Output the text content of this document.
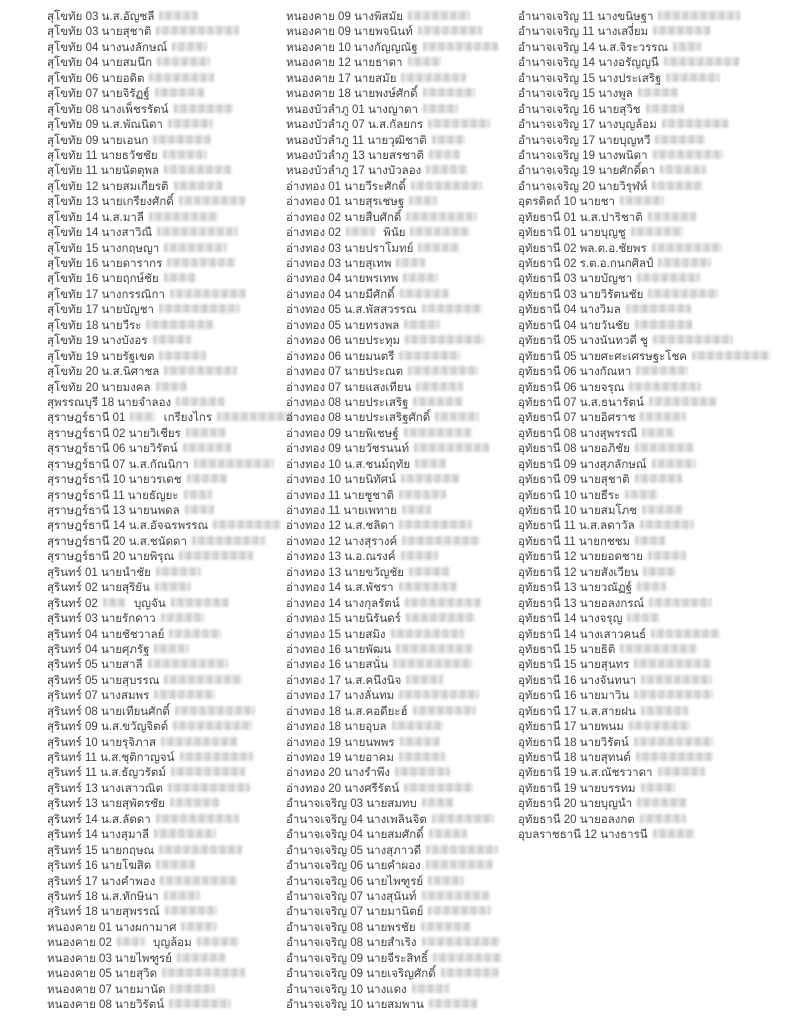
สุโขทัย 03 น.ส.อัญชลี
สุโขทัย 03 นายสุชาติ
สุโขทัย 04 นางนงลักษณ์
สุโขทัย 04 นายสมนึก
สุโขทัย 06 นายอดิต
สุโขทัย 07 นายจิรัฏฐ์
สุโขทัย 08 นางเพ็ชรรัตน์
สุโขทัย 09 น.ส.พัณนิดา
สุโขทัย 09 นายเอนก
สุโขทัย 11 นายธวัชชัย
สุโขทัย 11 นายนัตตุพล
สุโขทัย 12 นายสมเกียรติ
สุโขทัย 13 นายเกรียงศักดิ์
สุโขทัย 14 น.ส.มาลี
สุโขทัย 14 นางสาวิณี
สุโขทัย 15 นางกฤษญา
สุโขทัย 16 นายดารากร
สุโขทัย 16 นายฤกษ์ชัย
สุโขทัย 17 นางกรรณิกา
สุโขทัย 17 นายบัญชา
สุโขทัย 18 นายวีระ
สุโขทัย 19 นางบังอร
สุโขทัย 19 นายรัฐเขต
สุโขทัย 20 น.ส.นิศาชล
สุโขทัย 20 นายมงคล
สุพรรณบุรี 18 นายจำลอง
สุราษฎร์ธานี 01	เกรียงไกร
สุราษฎร์ธานี 02 นายวิเชียร
สุราษฎร์ธานี 06 นายวิรัตน์
สุราษฎร์ธานี 07 น.ส.กัณนิกา
สุราษฎร์ธานี 10 นายวรเดช
สุราษฎร์ธานี 11 นายธัญยะ
สุราษฎร์ธานี 13 นายนพดล
สุราษฎร์ธานี 14 น.ส.อัจฉรพรรณ
สุราษฎร์ธานี 20 น.ส.ชนัดดา
สุราษฎร์ธานี 20 นายพิรุณ
สุรินทร์ 01 นายนำชัย
สุรินทร์ 02 นายสุริยัน
สุรินทร์ 02	บุญจัน
สุรินทร์ 03 นายรักดาว
สุรินทร์ 04 นายชัชวาลย์
สุรินทร์ 04 นายศุภรัฐ
สุรินทร์ 05 นายสาลี
สุรินทร์ 05 นายสุบรรณ
สุรินทร์ 07 นางสมพร
สุรินทร์ 08 นายเทียนศักดิ์
สุรินทร์ 09 น.ส.ขวัญจิตต์
สุรินทร์ 10 นายรุจิภาส
สุรินทร์ 11 น.ส.ชุติกาญจน์
สุรินทร์ 11 น.ส.ธัญวรัตม์
สุรินทร์ 13 นางเสาวณิต
สุรินทร์ 13 นายสุพัตรชัย
สุรินทร์ 14 น.ส.ลัดดา
สุรินทร์ 14 นางสุมาลี
สุรินทร์ 15 นายกฤษณ
สุรินทร์ 16 นายโฆสิต
สุรินทร์ 17 นางคำพอง
สุรินทร์ 18 น.ส.ทักษินา
สุรินทร์ 18 นายสุพรรณ์
หนองคาย 01 นางผกามาศ
หนองคาย 02	บุญล้อม
หนองคาย 03 นายไพฑูรย์
หนองคาย 05 นายสุวิด
หนองคาย 07 นายมานัด
หนองคาย 08 นายวิรัตน์
หนองคาย 09 นางพิสมัย
หนองคาย 09 นายพจนินท์
หนองคาย 10 นางกัญญณัฐ
หนองคาย 12 นายธาดา
หนองคาย 17 นายสมัย
หนองคาย 18 นายพงษ์ศักดิ์
หนองบัวลำภู 01 นางญาดา
หนองบัวลำภู 07 น.ส.กัลยกร
หนองบัวลำภู 11 นายวุฒิชาติ
หนองบัวลำภู 13 นายสรชาติ
หนองบัวลำภู 17 นางบัวลอง
อ่างทอง 01 นายวีระศักดิ์
อ่างทอง 01 นายสุรเชษฐ
อ่างทอง 02 นายสืบศักดิ์
อ่างทอง 02	พินัย
อ่างทอง 03 นายปราโมทย์
อ่างทอง 03 นายสุเทพ
อ่างทอง 04 นายพรเทพ
อ่างทอง 04 นายมีศักดิ์
อ่างทอง 05 น.ส.พัสสวรรณ
อ่างทอง 05 นายทรงพล
อ่างทอง 06 นายประทุม
อ่างทอง 06 นายมนตรี
อ่างทอง 07 นายประณต
อ่างทอง 07 นายแสงเทียน
อ่างทอง 08 นายประเสริฐ
อ่างทอง 08 นายประเสริฐศักดิ์
อ่างทอง 09 นายพิเชษฐ์
อ่างทอง 09 นายวัชรนนท์
อ่างทอง 10 น.ส.ชนม์ฤทัย
อ่างทอง 10 นายนิทัศน์
อ่างทอง 11 นายชูชาติ
อ่างทอง 11 นายเพทาย
อ่างทอง 12 น.ส.ชลิดา
อ่างทอง 12 นางสุรางค์
อ่างทอง 13 น.อ.ณรงค์
อ่างทอง 13 นายขวัญชัย
อ่างทอง 14 น.ส.พัชรา
อ่างทอง 14 นางกุลรัตน์
อ่างทอง 15 นายนิรันดร์
อ่างทอง 15 นายสมิง
อ่างทอง 16 นายพัฒน
อ่างทอง 16 นายสนั่น
อ่างทอง 17 น.ส.คนึงนิจ
อ่างทอง 17 นางลั่นทม
อ่างทอง 18 น.ส.คอดียะฮ์
อ่างทอง 18 นายอุบล
อ่างทอง 19 นายนพพร
อ่างทอง 19 นายอาคม
อ่างทอง 20 นางรำพึง
อ่างทอง 20 นางศรีรัตน์
อำนาจเจริญ 03 นายสมทบ
อำนาจเจริญ 04 นางเพลินจิต
อำนาจเจริญ 04 นายสมศักดิ์
อำนาจเจริญ 05 นางสุภาวดี
อำนาจเจริญ 06 นายคำผอง
อำนาจเจริญ 06 นายไพฑูรย์
อำนาจเจริญ 07 นางสุนันท์
อำนาจเจริญ 07 นายมานิตย์
อำนาจเจริญ 08 นายพรชัย
อำนาจเจริญ 08 นายสำเริง
อำนาจเจริญ 09 นายจีระสิทธิ์
อำนาจเจริญ 09 นายเจริญศักดิ์
อำนาจเจริญ 10 นางแดง
อำนาจเจริญ 10 นายสมพาน
อำนาจเจริญ 11 นางขนิษฐา
อำนาจเจริญ 11 นางเสงี่ยม
อำนาจเจริญ 14 น.ส.จิระวรรณ
อำนาจเจริญ 14 นางอรัญญนี
อำนาจเจริญ 15 นางประเสริฐ
อำนาจเจริญ 15 นางพูล
อำนาจเจริญ 16 นายสุวิช
อำนาจเจริญ 17 นางบุญล้อม
อำนาจเจริญ 17 นายบุญหวี
อำนาจเจริญ 19 นางพนิดา
อำนาจเจริญ 19 นายศักดิ์ดา
อำนาจเจริญ 20 นายวิรุฬห์
อุตรดิตถ์ 10 นายชา
อุทัยธานี 01 น.ส.ปาริชาติ
อุทัยธานี 01 นายบุญชู
อุทัยธานี 02 พล.ต.อ.ชัยพร
อุทัยธานี 02 ร.ต.อ.กนกศิลป์
อุทัยธานี 03 นายบัญชา
อุทัยธานี 03 นายวิรัตนชัย
อุทัยธานี 04 นางวิมล
อุทัยธานี 04 นายวันชัย
อุทัยธานี 05 นางนันทวดี ชู
อุทัยธานี 05 นายศะศะเศรษฐะโชค
อุทัยธานี 06 นางกัณหา
อุทัยธานี 06 นายจรุณ
อุทัยธานี 07 น.ส.ธนารัตน์
อุทัยธานี 07 นายอิศราช
อุทัยธานี 08 นางสุพรรณี
อุทัยธานี 08 นายอภิชัย
อุทัยธานี 09 นางสุภลักษณ์
อุทัยธานี 09 นายสุชาติ
อุทัยธานี 10 นายธีระ
อุทัยธานี 10 นายสมโภช
อุทัยธานี 11 น.ส.ลดาวัล
อุทัยธานี 11 นายกชชม
อุทัยธานี 12 นายยอดชาย
อุทัยธานี 12 นายสังเวียน
อุทัยธานี 13 นายวณัฏฐ์
อุทัยธานี 13 นายอลงกรณ์
อุทัยธานี 14 นางจรุญ
อุทัยธานี 14 นางเสาวคนธ์
อุทัยธานี 15 นายธิติ
อุทัยธานี 15 นายสุนทร
อุทัยธานี 16 นางจันทนา
อุทัยธานี 16 นายมาวิน
อุทัยธานี 17 น.ส.สายฝน
อุทัยธานี 17 นายพนม
อุทัยธานี 18 นายวิรัตน์
อุทัยธานี 18 นายสุทนต์
อุทัยธานี 19 น.ส.ณัชรวาดา
อุทัยธานี 19 นายบรรทม
อุทัยธานี 20 นายบุญนำ
อุทัยธานี 20 นายอลงกต
อุบลราชธานี 12 นางธารนี
